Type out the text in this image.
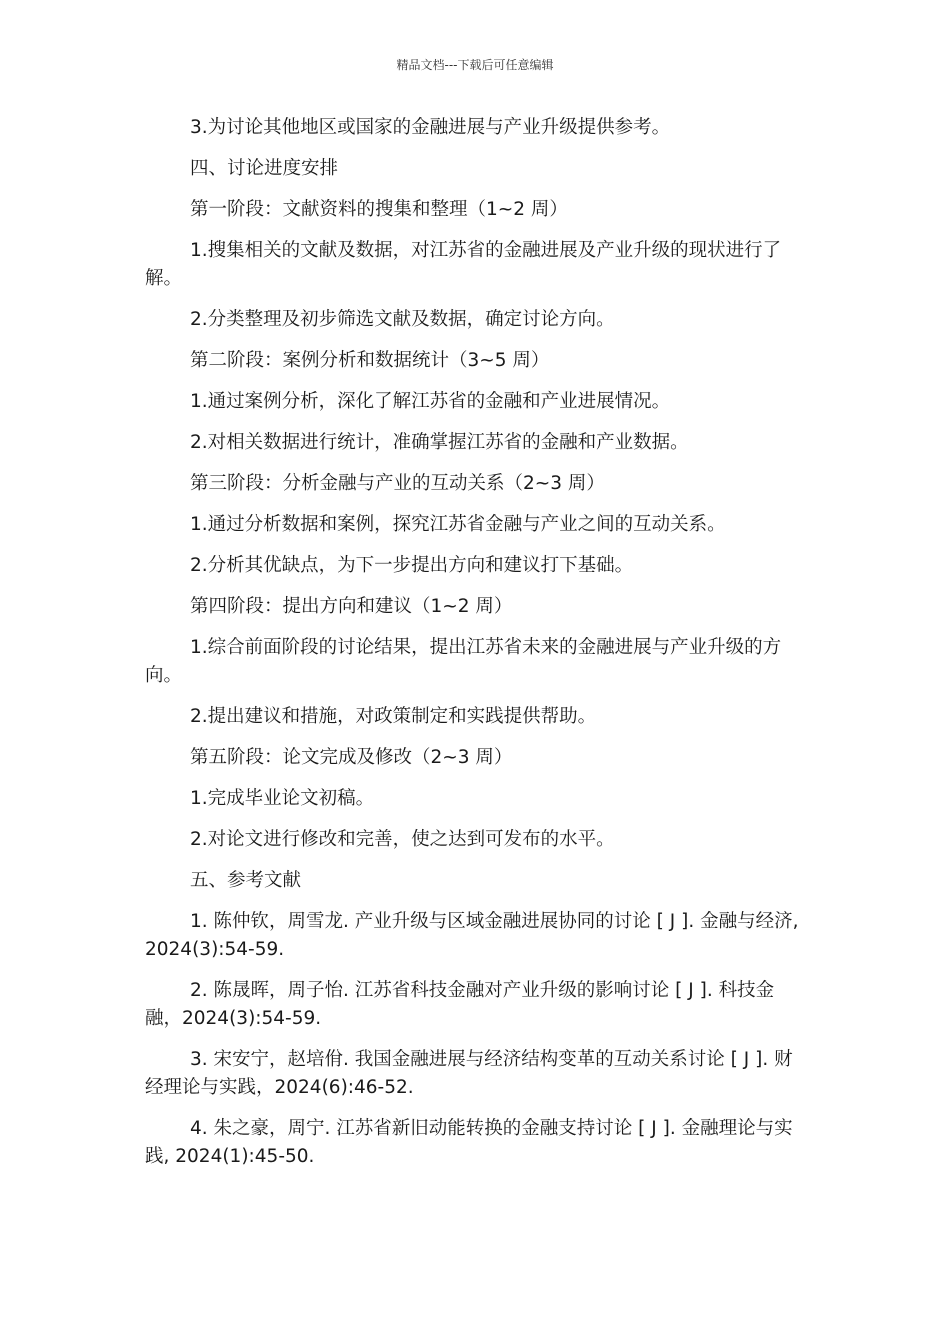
精品文档---下载后可任意编辑

3.为讨论其他地区或国家的金融进展与产业升级提供参考。

四、讨论进度安排

第一阶段：文献资料的搜集和整理（1~2 周）

1.搜集相关的文献及数据，对江苏省的金融进展及产业升级的现状进行了解。

2.分类整理及初步筛选文献及数据，确定讨论方向。

第二阶段：案例分析和数据统计（3~5 周）

1.通过案例分析，深化了解江苏省的金融和产业进展情况。

2.对相关数据进行统计，准确掌握江苏省的金融和产业数据。

第三阶段：分析金融与产业的互动关系（2~3 周）

1.通过分析数据和案例，探究江苏省金融与产业之间的互动关系。

2.分析其优缺点，为下一步提出方向和建议打下基础。

第四阶段：提出方向和建议（1~2 周）

1.综合前面阶段的讨论结果，提出江苏省未来的金融进展与产业升级的方向。

2.提出建议和措施，对政策制定和实践提供帮助。

第五阶段：论文完成及修改（2~3 周）

1.完成毕业论文初稿。

2.对论文进行修改和完善，使之达到可发布的水平。

五、参考文献

1. 陈仲钦，周雪龙. 产业升级与区域金融进展协同的讨论 [ J ]. 金融与经济, 2024(3):54-59.

2. 陈晟晖，周子怡. 江苏省科技金融对产业升级的影响讨论 [ J ]. 科技金融，2024(3):54-59.

3. 宋安宁，赵培佾. 我国金融进展与经济结构变革的互动关系讨论 [ J ]. 财经理论与实践，2024(6):46-52.

4. 朱之豪，周宁. 江苏省新旧动能转换的金融支持讨论 [ J ]. 金融理论与实践, 2024(1):45-50.
